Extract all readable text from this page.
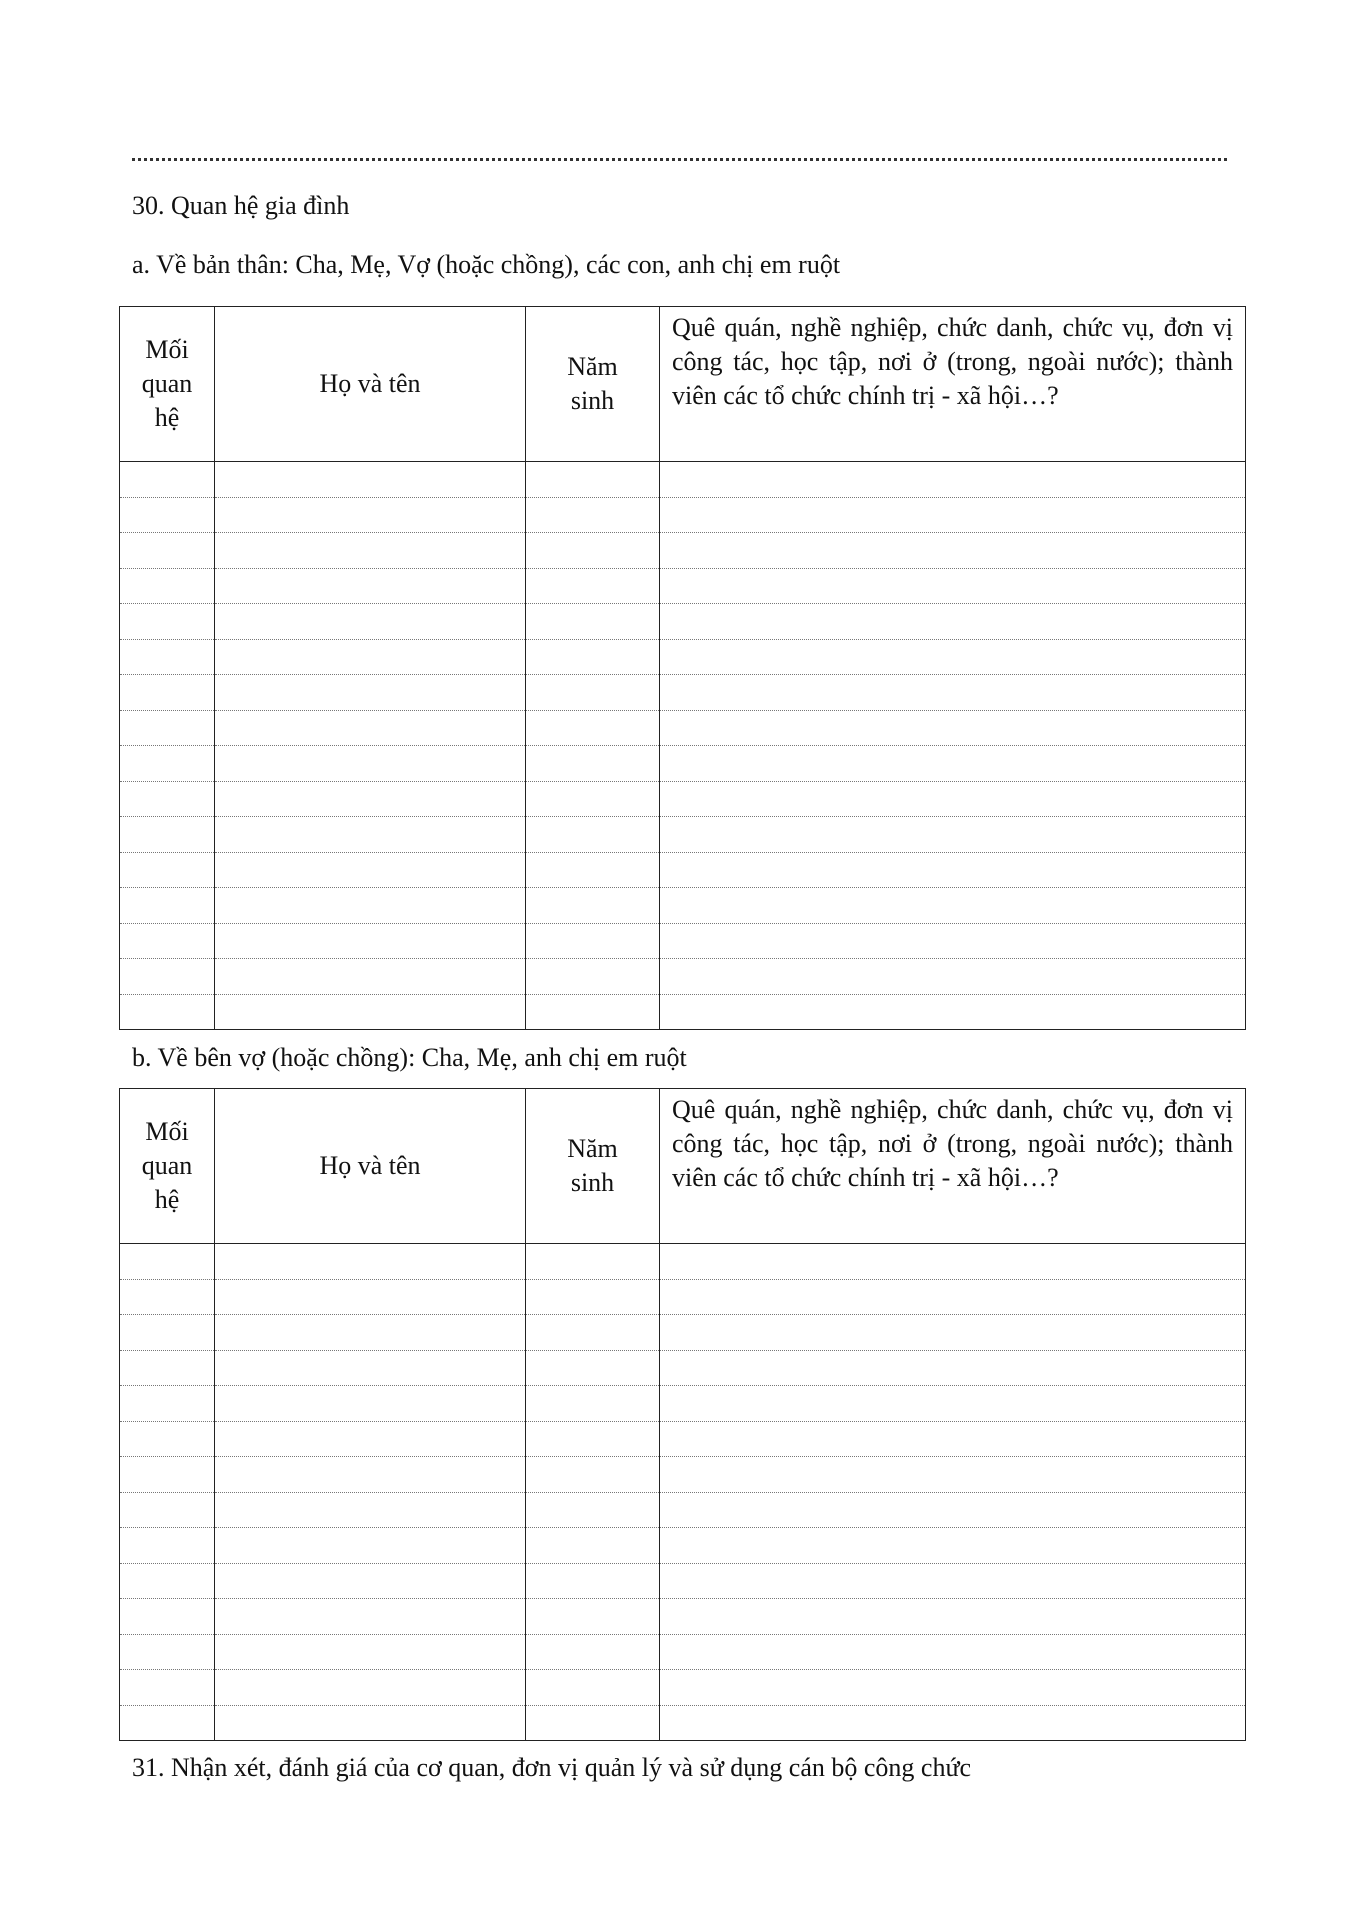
30. Quan hệ gia đình
a. Về bản thân: Cha, Mẹ, Vợ (hoặc chồng), các con, anh chị em ruột
Mối quan hệ	Họ và tên	Năm sinh	Quê quán, nghề nghiệp, chức danh, chức vụ, đơn vị công tác, học tập, nơi ở (trong, ngoài nước); thành viên các tổ chức chính trị - xã hội…?

b. Về bên vợ (hoặc chồng): Cha, Mẹ, anh chị em ruột
Mối quan hệ	Họ và tên	Năm sinh	Quê quán, nghề nghiệp, chức danh, chức vụ, đơn vị công tác, học tập, nơi ở (trong, ngoài nước); thành viên các tổ chức chính trị - xã hội…?

31. Nhận xét, đánh giá của cơ quan, đơn vị quản lý và sử dụng cán bộ công chức
